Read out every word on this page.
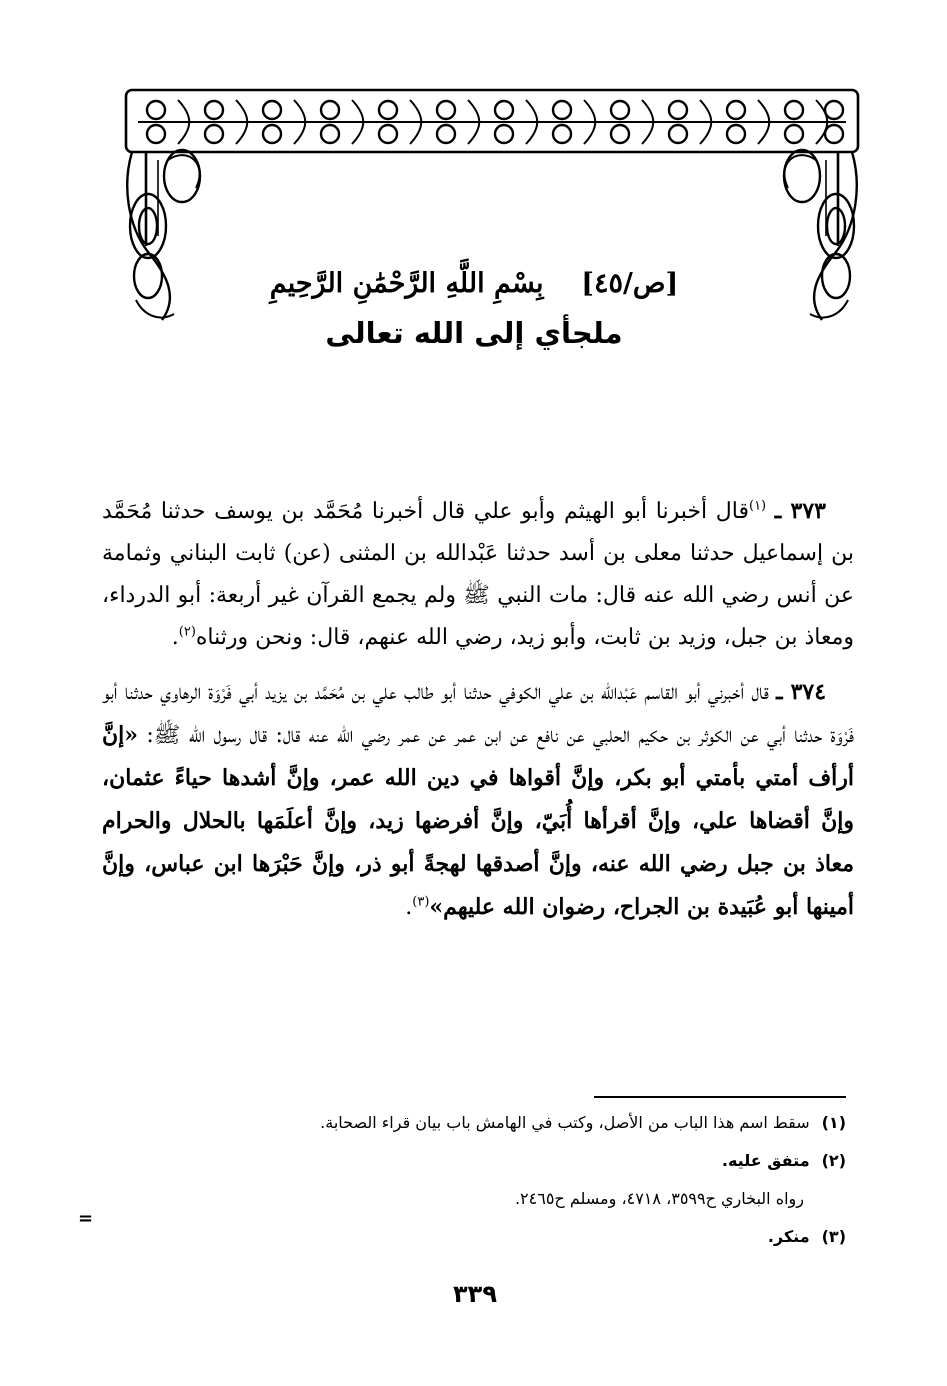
[ص/٤٥]    بِسْمِ اللَّهِ الرَّحْمَٰنِ الرَّحِيمِ
ملجأي إلى الله تعالى

٣٧٣ ـ $^{(١)}$قال أخبرنا أبو الهيثم وأبو علي قال أخبرنا مُحَمَّد بن يوسف حدثنا مُحَمَّد بن إسماعيل حدثنا معلى بن أسد حدثنا عَبْدالله بن المثنى (عن) ثابت البناني وثمامة عن أنس رضي الله عنه قال: مات النبي ﷺ ولم يجمع القرآن غير أربعة: أبو الدرداء، ومعاذ بن جبل، وزيد بن ثابت، وأبو زيد، رضي الله عنهم، قال: ونحن ورثناه$^{(٢)}$.

٣٧٤ ـ قال أخبرني أبو القاسم عَبْدالله بن علي الكوفي حدثنا أبو طالب علي بن مُحَمَّد بن يزيد أبي فَرْوَة الرهاوي حدثنا أبو فَرْوَة حدثنا أبي عن الكوثر بن حكيم الحلبي عن نافع عن ابن عمر عن عمر رضي الله عنه قال: قال رسول الله ﷺ: «إنَّ أرأف أمتي بأمتي أبو بكر، وإنَّ أقواها في دين الله عمر، وإنَّ أشدها حياءً عثمان، وإنَّ أقضاها علي، وإنَّ أقرأها أُبَيّ، وإنَّ أفرضها زيد، وإنَّ أعلَمَها بالحلال والحرام معاذ بن جبل رضي الله عنه، وإنَّ أصدقها لهجةً أبو ذر، وإنَّ حَبْرَها ابن عباس، وإنَّ أمينها أبو عُبَيدة بن الجراح، رضوان الله عليهم»$^{(٣)}$.

(١)سقط اسم هذا الباب من الأصل، وكتب في الهامش باب بيان قراء الصحابة.

(٢)متفق عليه.

رواه البخاري ح٣٥٩٩، ٤٧١٨، ومسلم ح٢٤٦٥.

(٣)منكر.

=
٣٣٩
